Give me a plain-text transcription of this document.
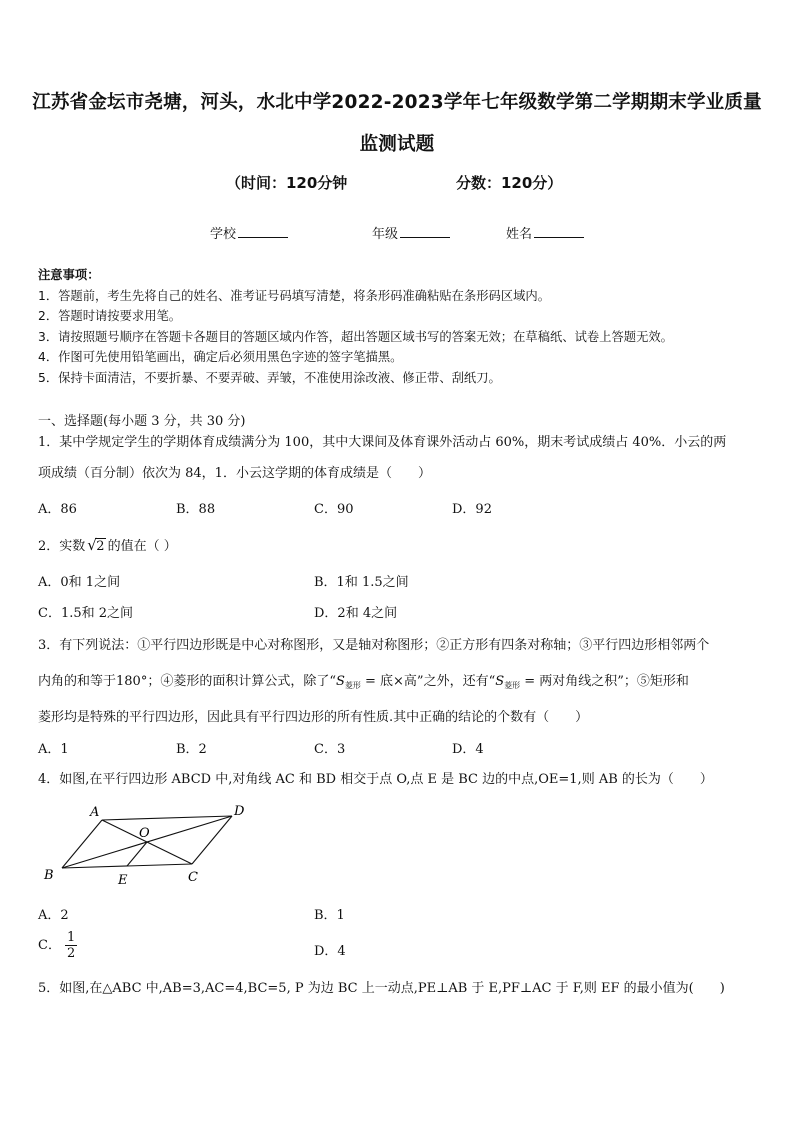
江苏省金坛市尧塘，河头，水北中学2022-2023学年七年级数学第二学期期末学业质量
监测试题
（时间：120分钟	分数：120分）
学校	年级	姓名
注意事项：
1．答题前，考生先将自己的姓名、准考证号码填写清楚，将条形码准确粘贴在条形码区域内。
2．答题时请按要求用笔。
3．请按照题号顺序在答题卡各题目的答题区域内作答，超出答题区域书写的答案无效；在草稿纸、试卷上答题无效。
4．作图可先使用铅笔画出，确定后必须用黑色字迹的签字笔描黑。
5．保持卡面清洁，不要折暴、不要弄破、弄皱，不准使用涂改液、修正带、刮纸刀。
一、选择题(每小题 3 分，共 30 分)
1．某中学规定学生的学期体育成绩满分为 100，其中大课间及体育课外活动占 60%，期末考试成绩占 40%．小云的两
项成绩（百分制）依次为 84，1．小云这学期的体育成绩是（　　）
A．86	B．88	C．90	D．92
2．实数 √ 2 的值在（ ）
A．0和 1之间	B．1和 1.5之间
C．1.5和 2之间	D．2和 4之间
3．有下列说法：①平行四边形既是中心对称图形，又是轴对称图形；②正方形有四条对称轴；③平行四边形相邻两个
内角的和等于180°；④菱形的面积计算公式，除了“$S_{菱形}$ = 底×高”之外，还有“$S_{菱形}$ = 两对角线之积”；⑤矩形和
菱形均是特殊的平行四边形，因此具有平行四边形的所有性质.其中正确的结论的个数有（　　）
A．1	B．2	C．3	D．4
4．如图,在平行四边形 ABCD 中,对角线 AC 和 BD 相交于点 O,点 E 是 BC 边的中点,OE=1,则 AB 的长为（　　）
A	D
O
B	E	C
A．2	B．1
C． $\frac{1}{2}$	D．4
5．如图,在△ABC 中,AB=3,AC=4,BC=5, P 为边 BC 上一动点,PE⊥AB 于 E,PF⊥AC 于 F,则 EF 的最小值为(　　)
